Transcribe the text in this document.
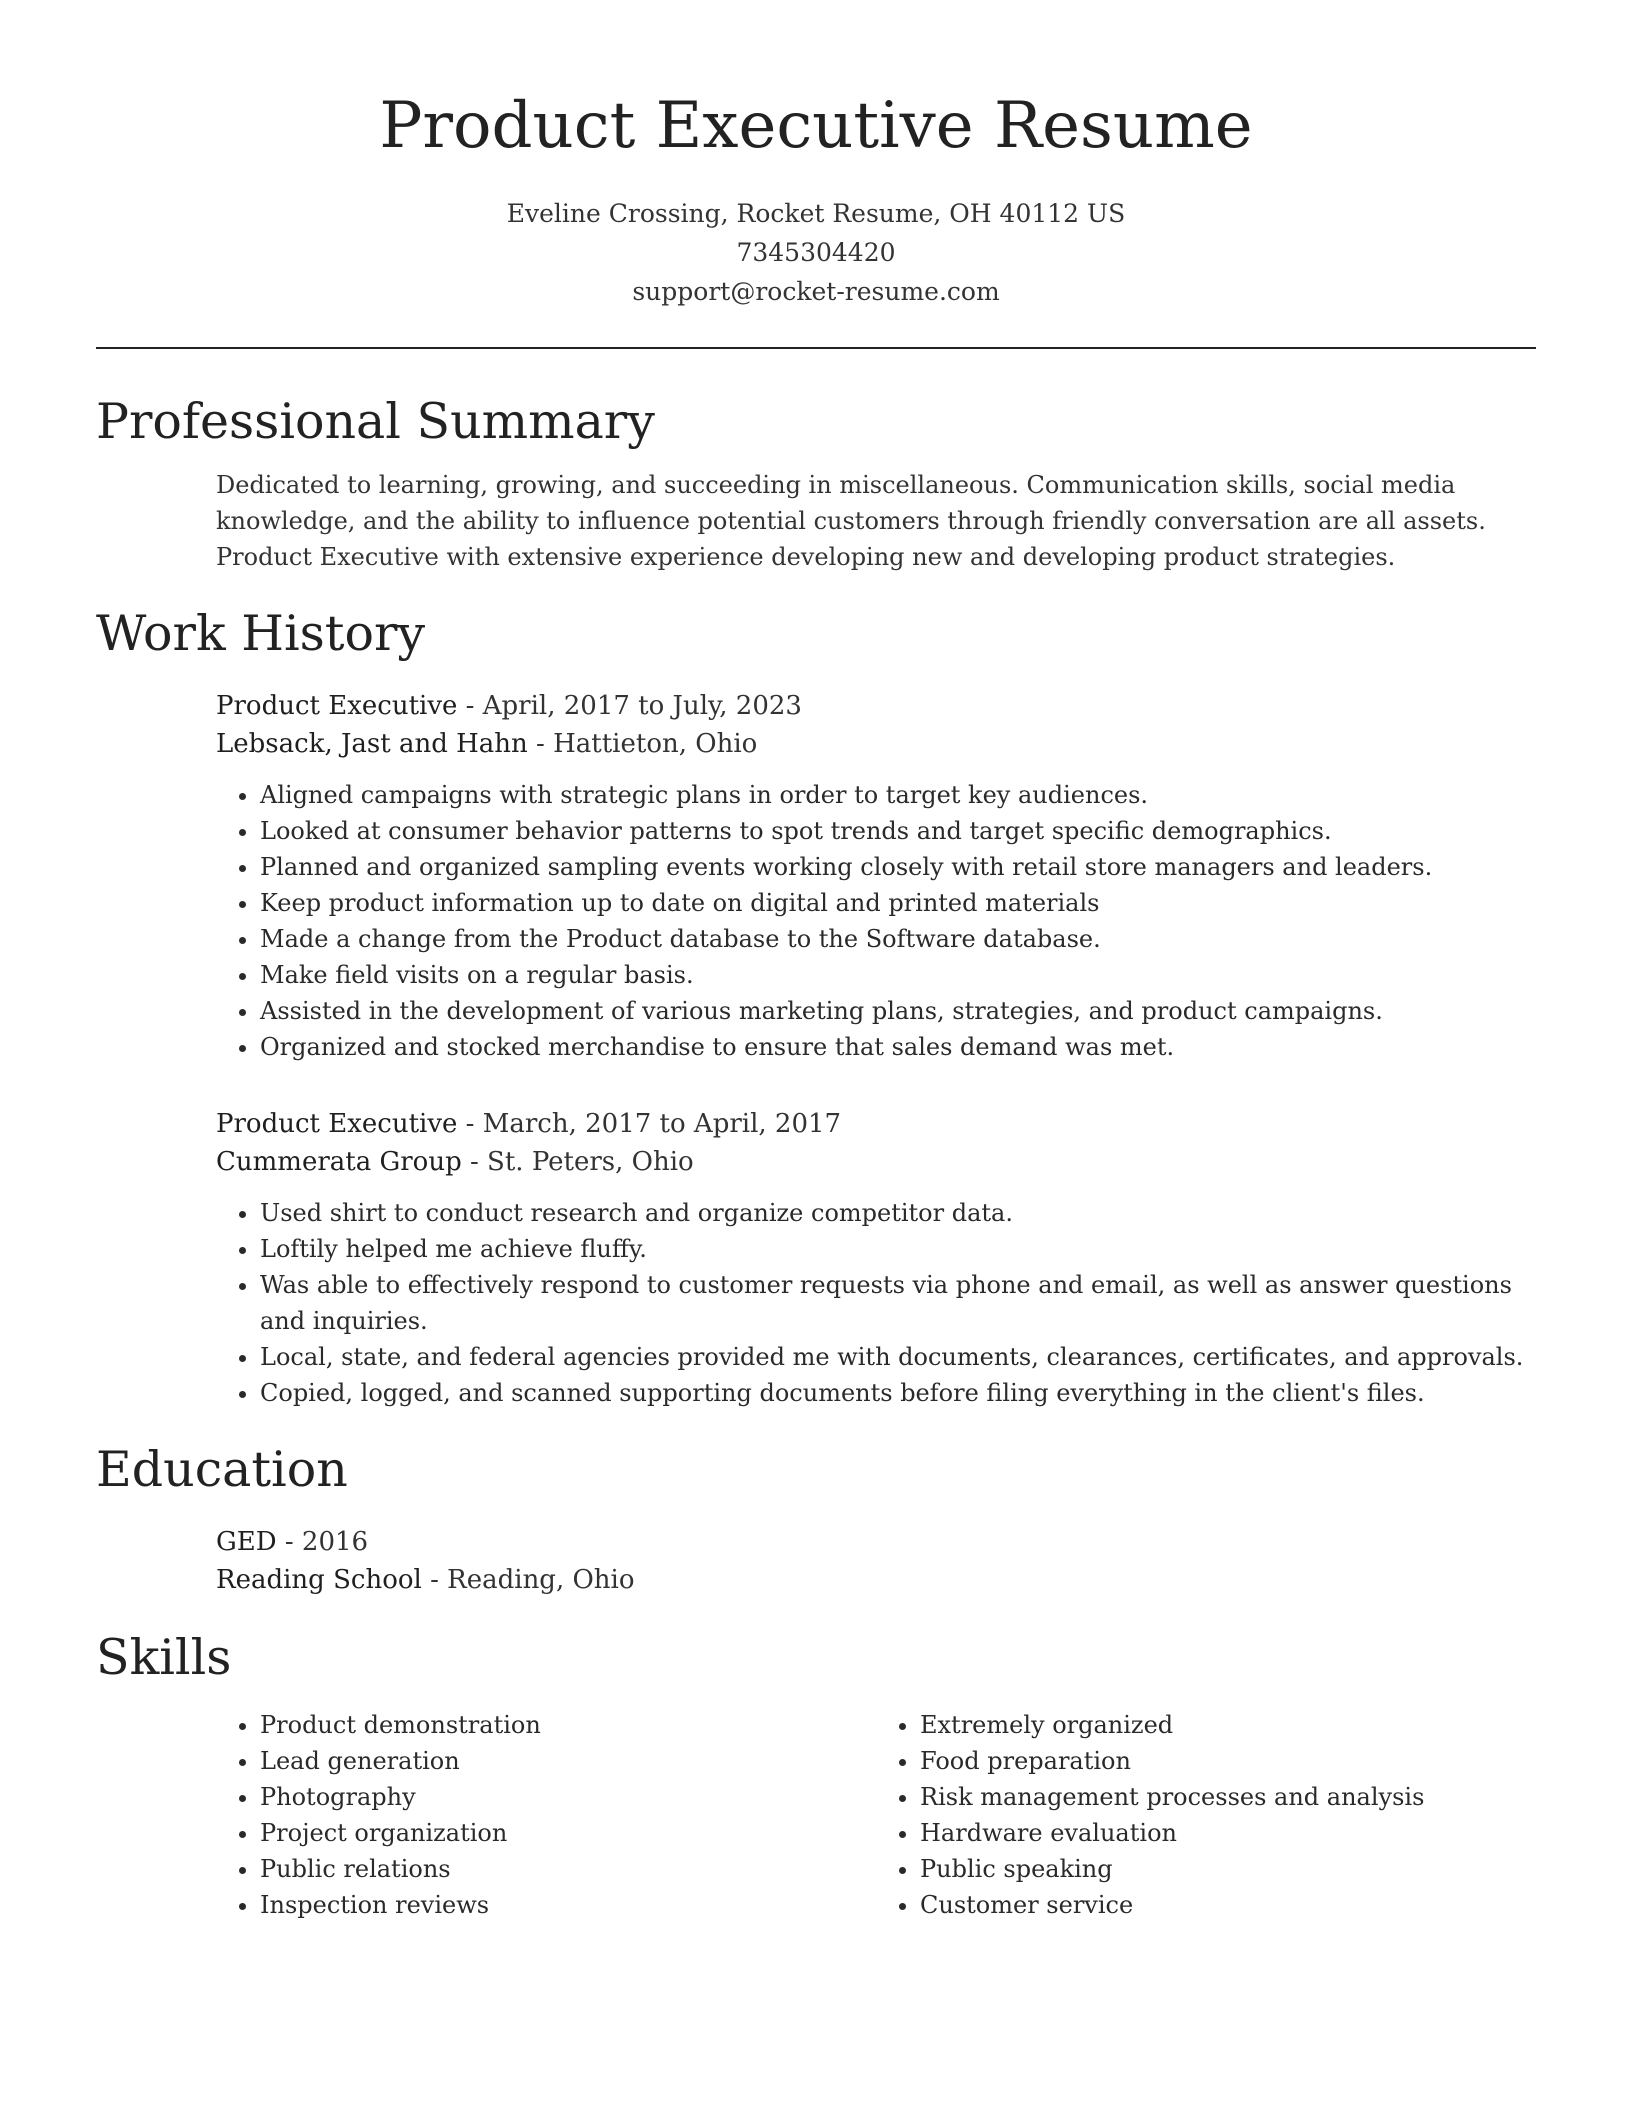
Product Executive Resume
Eveline Crossing, Rocket Resume, OH 40112 US
7345304420
support@rocket-resume.com
Professional Summary
Dedicated to learning, growing, and succeeding in miscellaneous. Communication skills, social media knowledge, and the ability to influence potential customers through friendly conversation are all assets. Product Executive with extensive experience developing new and developing product strategies.
Work History
Product Executive - April, 2017 to July, 2023
Lebsack, Jast and Hahn - Hattieton, Ohio
• Aligned campaigns with strategic plans in order to target key audiences.
• Looked at consumer behavior patterns to spot trends and target specific demographics.
• Planned and organized sampling events working closely with retail store managers and leaders.
• Keep product information up to date on digital and printed materials
• Made a change from the Product database to the Software database.
• Make field visits on a regular basis.
• Assisted in the development of various marketing plans, strategies, and product campaigns.
• Organized and stocked merchandise to ensure that sales demand was met.
Product Executive - March, 2017 to April, 2017
Cummerata Group - St. Peters, Ohio
• Used shirt to conduct research and organize competitor data.
• Loftily helped me achieve fluffy.
• Was able to effectively respond to customer requests via phone and email, as well as answer questions and inquiries.
• Local, state, and federal agencies provided me with documents, clearances, certificates, and approvals.
• Copied, logged, and scanned supporting documents before filing everything in the client's files.
Education
GED - 2016
Reading School - Reading, Ohio
Skills
• Product demonstration
• Lead generation
• Photography
• Project organization
• Public relations
• Inspection reviews
• Extremely organized
• Food preparation
• Risk management processes and analysis
• Hardware evaluation
• Public speaking
• Customer service
